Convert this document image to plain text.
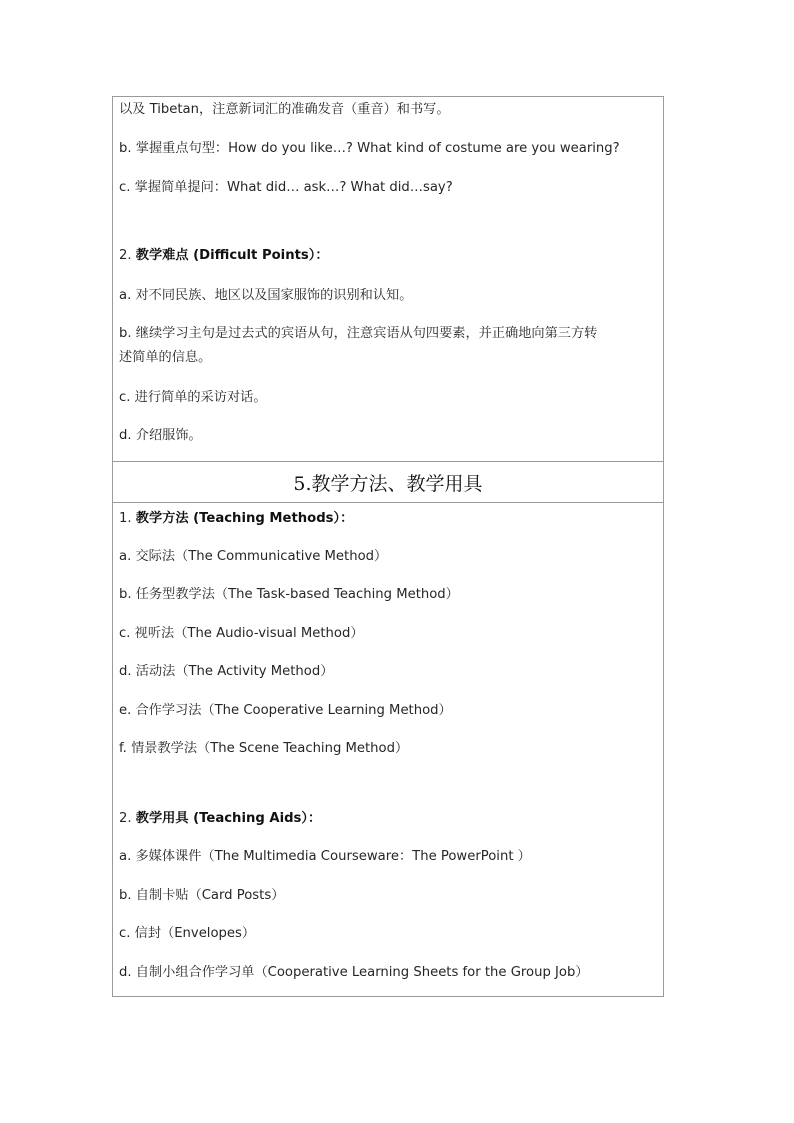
以及 Tibetan，注意新词汇的准确发音（重音）和书写。
b. 掌握重点句型：How do you like…? What kind of costume are you wearing?
c. 掌握简单提问：What did… ask…? What did…say?
2. 教学难点 (Difficult Points）：
a. 对不同民族、地区以及国家服饰的识别和认知。
b. 继续学习主句是过去式的宾语从句，注意宾语从句四要素，并正确地向第三方转
述简单的信息。
c. 进行简单的采访对话。
d. 介绍服饰。
5.教学方法、教学用具
1. 教学方法 (Teaching Methods）：
a. 交际法（The Communicative Method）
b. 任务型教学法（The Task-based Teaching Method）
c. 视听法（The Audio-visual Method）
d. 活动法（The Activity Method）
e. 合作学习法（The Cooperative Learning Method）
f. 情景教学法（The Scene Teaching Method）
2. 教学用具 (Teaching Aids）：
a. 多媒体课件（The Multimedia Courseware：The PowerPoint ）
b. 自制卡贴（Card Posts）
c. 信封（Envelopes）
d. 自制小组合作学习单（Cooperative Learning Sheets for the Group Job）
